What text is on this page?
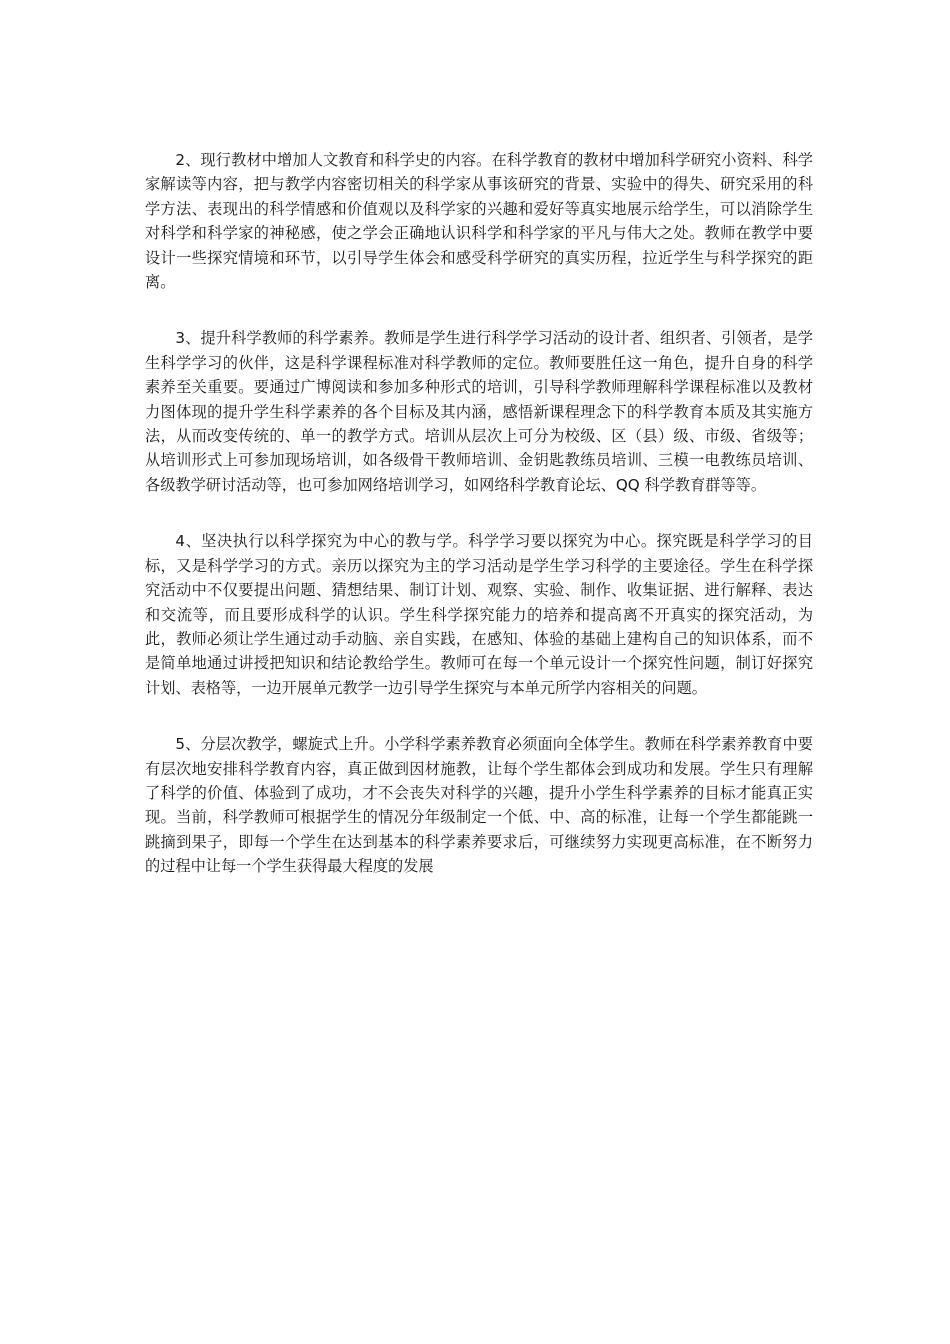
2、现行教材中增加人文教育和科学史的内容。在科学教育的教材中增加科学研究小资料、科学家解读等内容，把与教学内容密切相关的科学家从事该研究的背景、实验中的得失、研究采用的科学方法、表现出的科学情感和价值观以及科学家的兴趣和爱好等真实地展示给学生，可以消除学生对科学和科学家的神秘感，使之学会正确地认识科学和科学家的平凡与伟大之处。教师在教学中要设计一些探究情境和环节，以引导学生体会和感受科学研究的真实历程，拉近学生与科学探究的距离。

3、提升科学教师的科学素养。教师是学生进行科学学习活动的设计者、组织者、引领者，是学生科学学习的伙伴，这是科学课程标准对科学教师的定位。教师要胜任这一角色，提升自身的科学素养至关重要。要通过广博阅读和参加多种形式的培训，引导科学教师理解科学课程标准以及教材力图体现的提升学生科学素养的各个目标及其内涵，感悟新课程理念下的科学教育本质及其实施方法，从而改变传统的、单一的教学方式。培训从层次上可分为校级、区（县）级、市级、省级等；从培训形式上可参加现场培训，如各级骨干教师培训、金钥匙教练员培训、三模一电教练员培训、各级教学研讨活动等，也可参加网络培训学习，如网络科学教育论坛、QQ 科学教育群等等。

4、坚决执行以科学探究为中心的教与学。科学学习要以探究为中心。探究既是科学学习的目标，又是科学学习的方式。亲历以探究为主的学习活动是学生学习科学的主要途径。学生在科学探究活动中不仅要提出问题、猜想结果、制订计划、观察、实验、制作、收集证据、进行解释、表达和交流等，而且要形成科学的认识。学生科学探究能力的培养和提高离不开真实的探究活动，为此，教师必须让学生通过动手动脑、亲自实践，在感知、体验的基础上建构自己的知识体系，而不是简单地通过讲授把知识和结论教给学生。教师可在每一个单元设计一个探究性问题，制订好探究计划、表格等，一边开展单元教学一边引导学生探究与本单元所学内容相关的问题。

5、分层次教学，螺旋式上升。小学科学素养教育必须面向全体学生。教师在科学素养教育中要有层次地安排科学教育内容，真正做到因材施教，让每个学生都体会到成功和发展。学生只有理解了科学的价值、体验到了成功，才不会丧失对科学的兴趣，提升小学生科学素养的目标才能真正实现。当前，科学教师可根据学生的情况分年级制定一个低、中、高的标准，让每一个学生都能跳一跳摘到果子，即每一个学生在达到基本的科学素养要求后，可继续努力实现更高标准，在不断努力的过程中让每一个学生获得最大程度的发展
